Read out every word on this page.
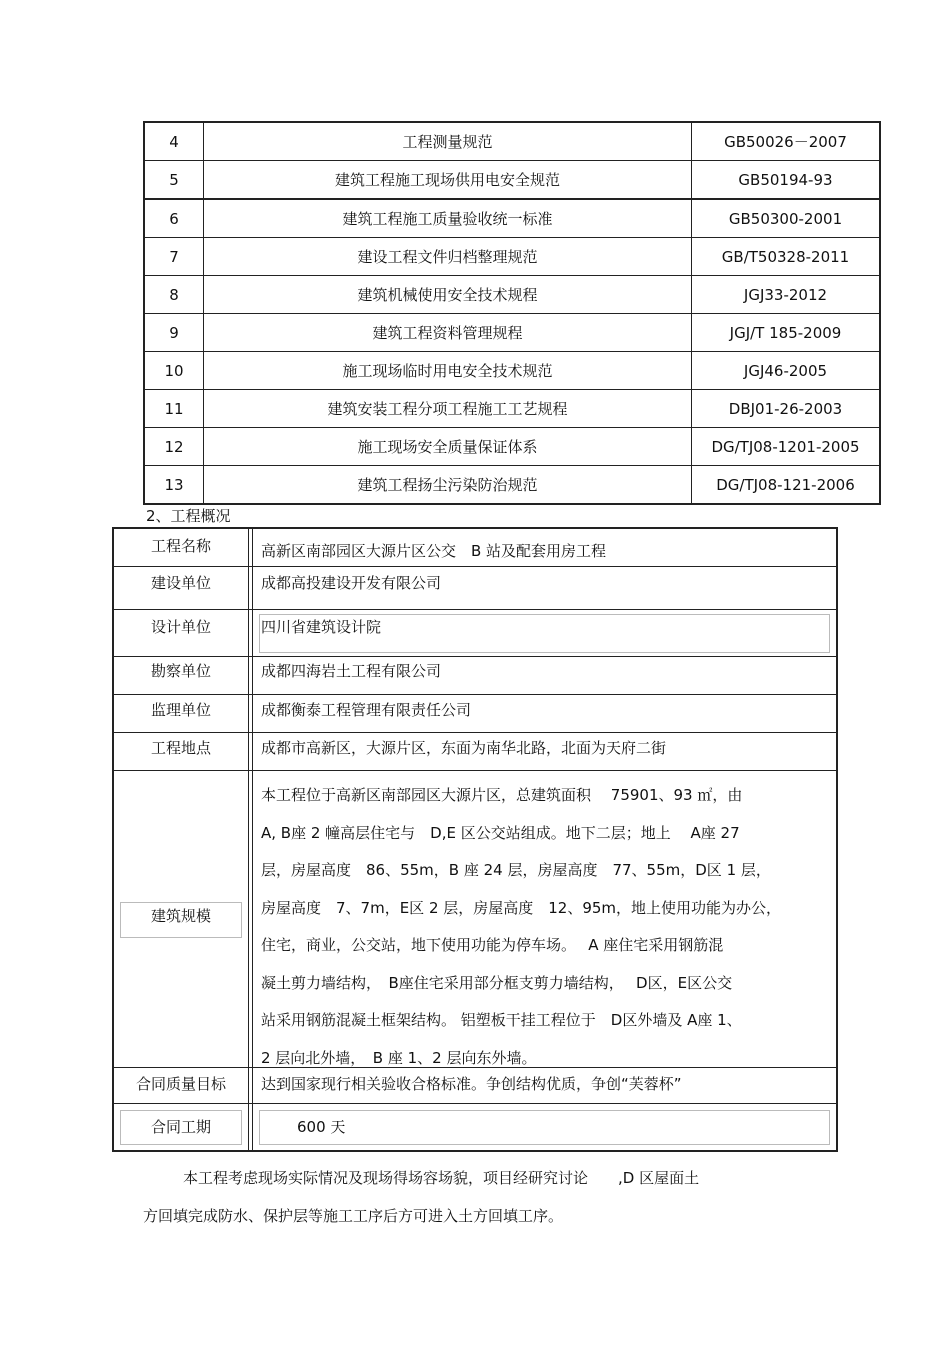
4	工程测量规范	GB50026－2007
5	建筑工程施工现场供用电安全规范	GB50194-93
6	建筑工程施工质量验收统一标准	GB50300-2001
7	建设工程文件归档整理规范	GB/T50328-2011
8	建筑机械使用安全技术规程	JGJ33-2012
9	建筑工程资料管理规程	JGJ/T 185-2009
10	施工现场临时用电安全技术规范	JGJ46-2005
11	建筑安装工程分项工程施工工艺规程	DBJ01-26-2003
12	施工现场安全质量保证体系	DG/TJ08-1201-2005
13	建筑工程扬尘污染防治规范	DG/TJ08-121-2006
2、工程概况
工程名称	高新区南部园区大源片区公交　B 站及配套用房工程
建设单位	成都高投建设开发有限公司
设计单位	四川省建筑设计院
勘察单位	成都四海岩土工程有限公司
监理单位	成都衡泰工程管理有限责任公司
工程地点	成都市高新区，大源片区，东面为南华北路，北面为天府二街
建筑规模
本工程位于高新区南部园区大源片区，总建筑面积　 75901、93 ㎡，由
A, B座 2 幢高层住宅与　D,E 区公交站组成。地下二层；地上　 A座 27
层，房屋高度　86、55m，B 座 24 层，房屋高度　77、55m，D区 1 层，
房屋高度　7、7m，E区 2 层，房屋高度　12、95m，地上使用功能为办公，
住宅，商业，公交站，地下使用功能为停车场。　 A 座住宅采用钢筋混
凝土剪力墙结构，　B座住宅采用部分框支剪力墙结构，　 D区，E区公交
站采用钢筋混凝土框架结构。 铝塑板干挂工程位于　D区外墙及 A座 1、
2 层向北外墙，　B 座 1、2 层向东外墙。
合同质量目标	达到国家现行相关验收合格标准。争创结构优质，争创“芙蓉杯”
合同工期	600 天
本工程考虑现场实际情况及现场得场容场貌，项目经研究讨论　　,D 区屋面土
方回填完成防水、保护层等施工工序后方可进入土方回填工序。
